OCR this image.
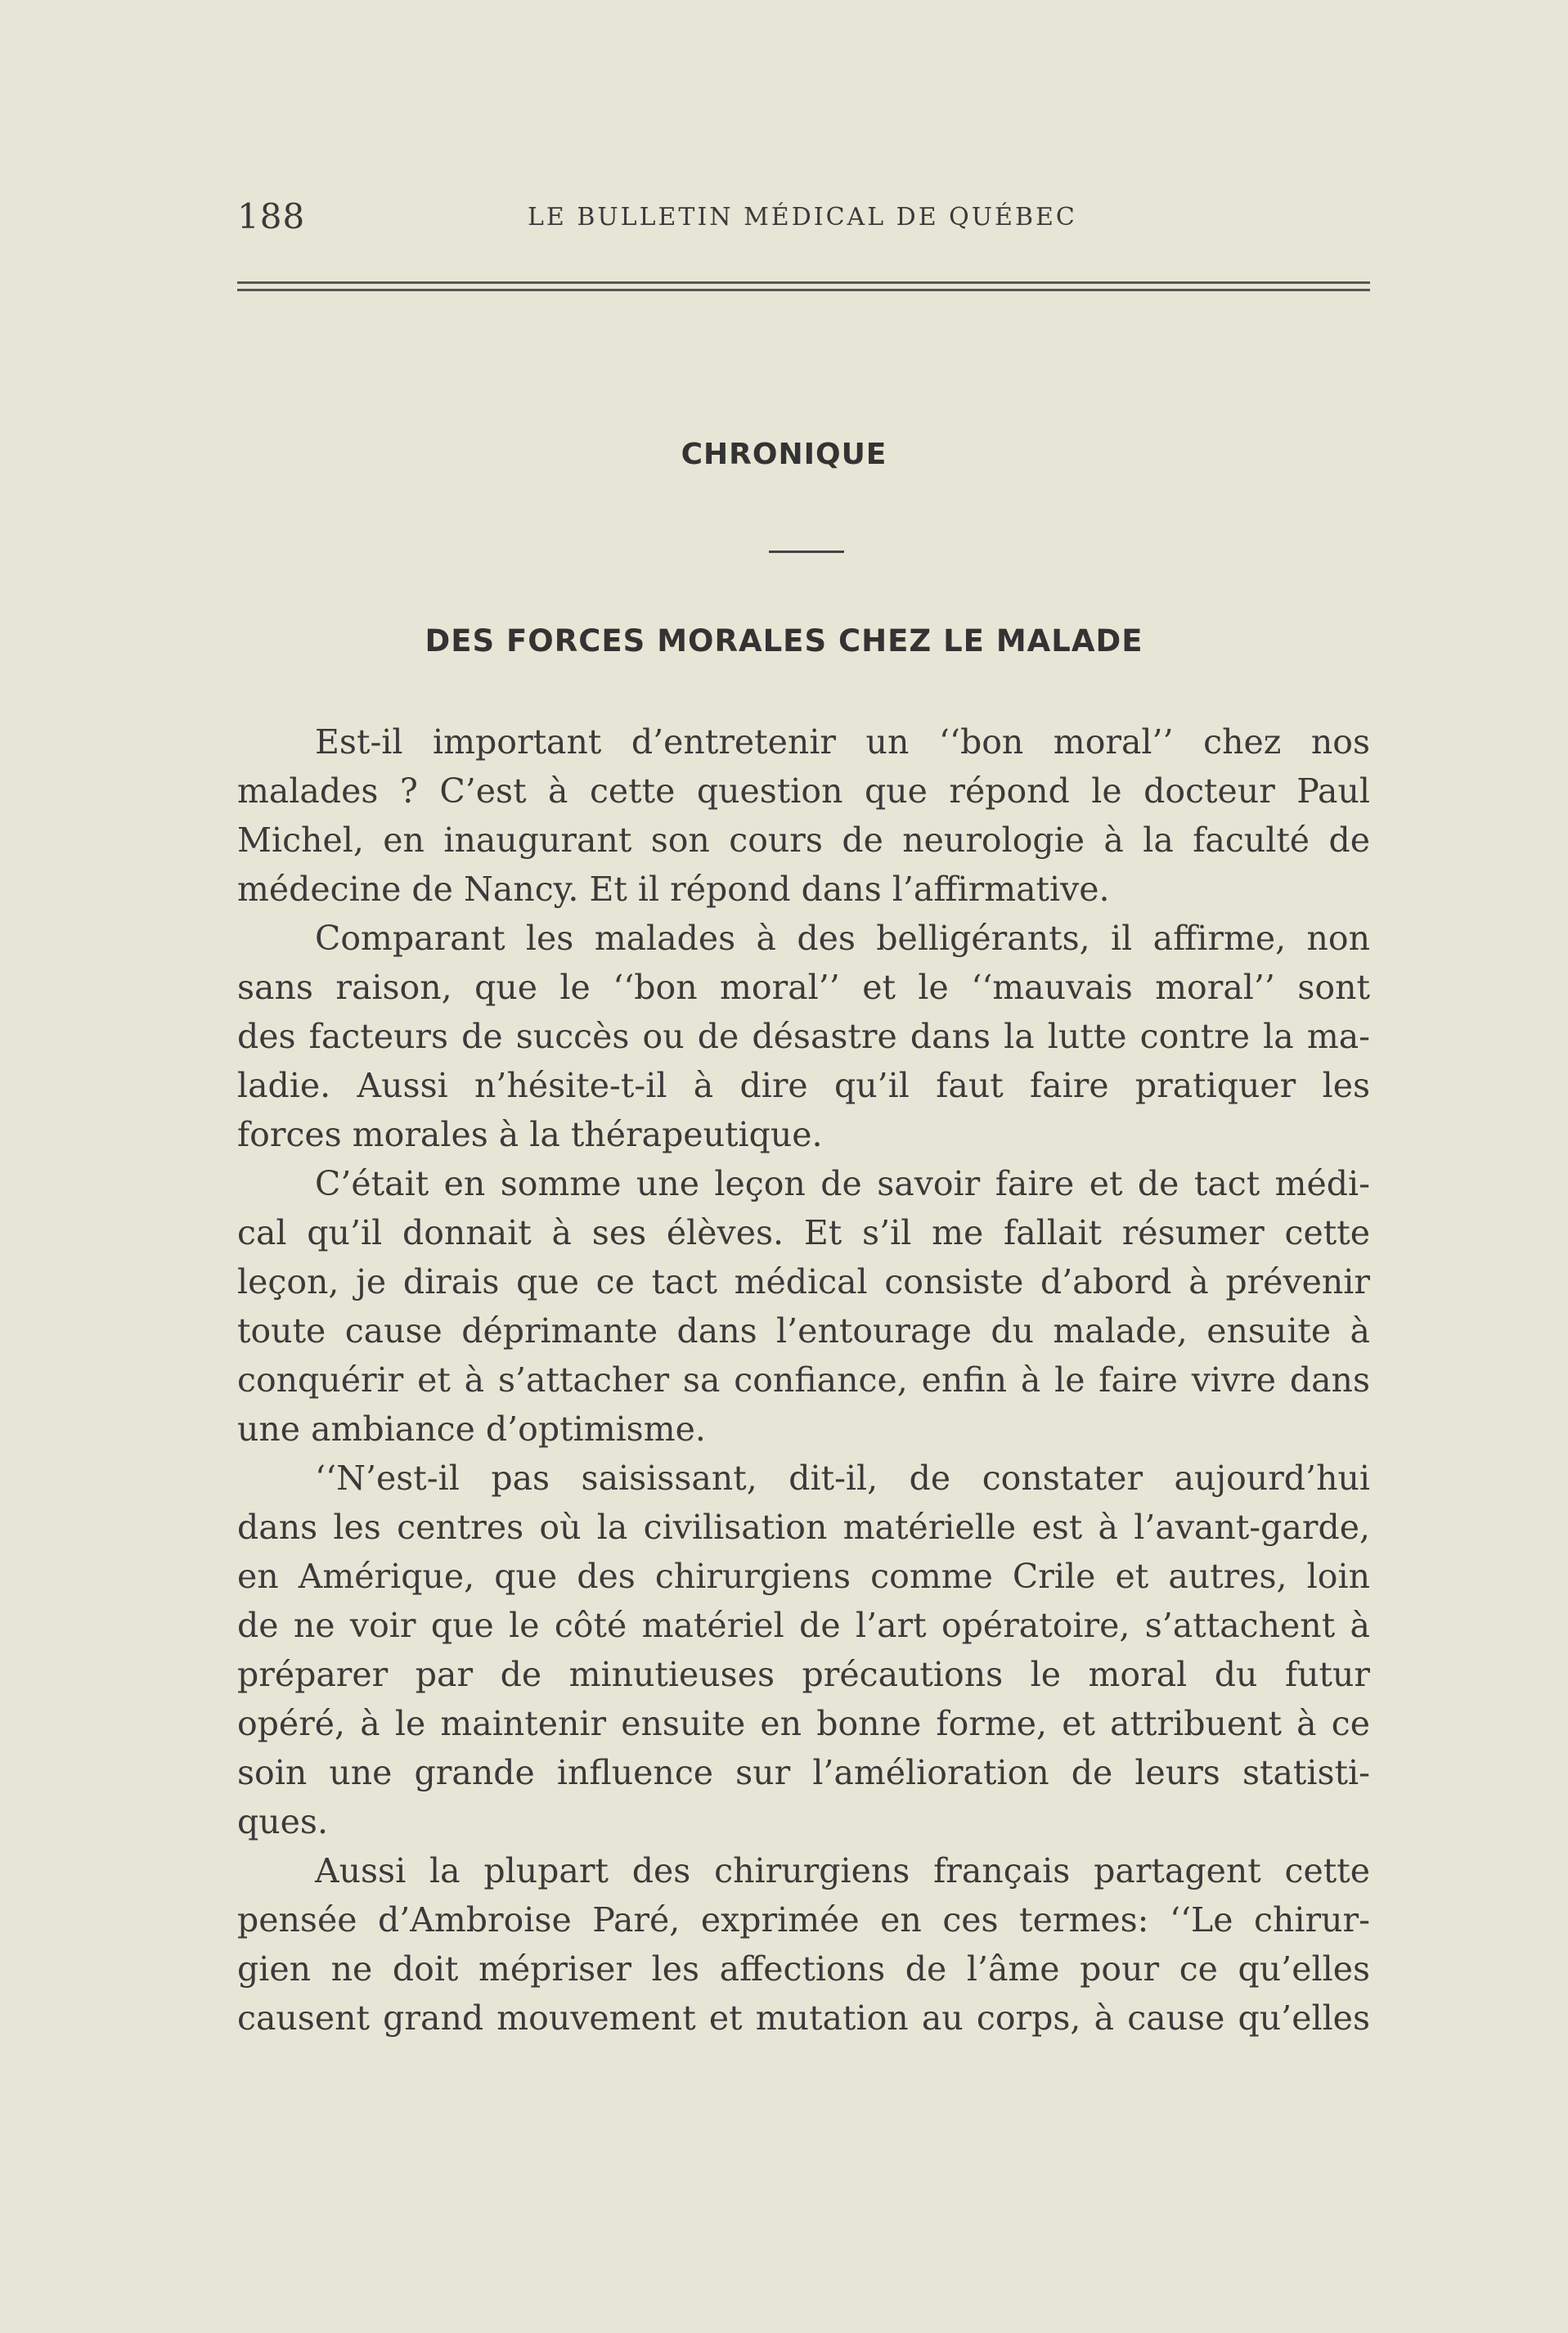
188	LE BULLETIN MÉDICAL DE QUÉBEC
CHRONIQUE
DES FORCES MORALES CHEZ LE MALADE
Est-il important d’entretenir un ‘‘bon moral’’ chez nos
malades ? C’est à cette question que répond le docteur Paul
Michel, en inaugurant son cours de neurologie à la faculté de
médecine de Nancy. Et il répond dans l’affirmative.
Comparant les malades à des belligérants, il affirme, non
sans raison, que le ‘‘bon moral’’ et le ‘‘mauvais moral’’ sont
des facteurs de succès ou de désastre dans la lutte contre la ma-
ladie. Aussi n’hésite-t-il à dire qu’il faut faire pratiquer les
forces morales à la thérapeutique.
C’était en somme une leçon de savoir faire et de tact médi-
cal qu’il donnait à ses élèves. Et s’il me fallait résumer cette
leçon, je dirais que ce tact médical consiste d’abord à prévenir
toute cause déprimante dans l’entourage du malade, ensuite à
conquérir et à s’attacher sa confiance, enfin à le faire vivre dans
une ambiance d’optimisme.
‘‘N’est-il pas saisissant, dit-il, de constater aujourd’hui
dans les centres où la civilisation matérielle est à l’avant-garde,
en Amérique, que des chirurgiens comme Crile et autres, loin
de ne voir que le côté matériel de l’art opératoire, s’attachent à
préparer par de minutieuses précautions le moral du futur
opéré, à le maintenir ensuite en bonne forme, et attribuent à ce
soin une grande influence sur l’amélioration de leurs statisti-
ques.
Aussi la plupart des chirurgiens français partagent cette
pensée d’Ambroise Paré, exprimée en ces termes: ‘‘Le chirur-
gien ne doit mépriser les affections de l’âme pour ce qu’elles
causent grand mouvement et mutation au corps, à cause qu’elles
